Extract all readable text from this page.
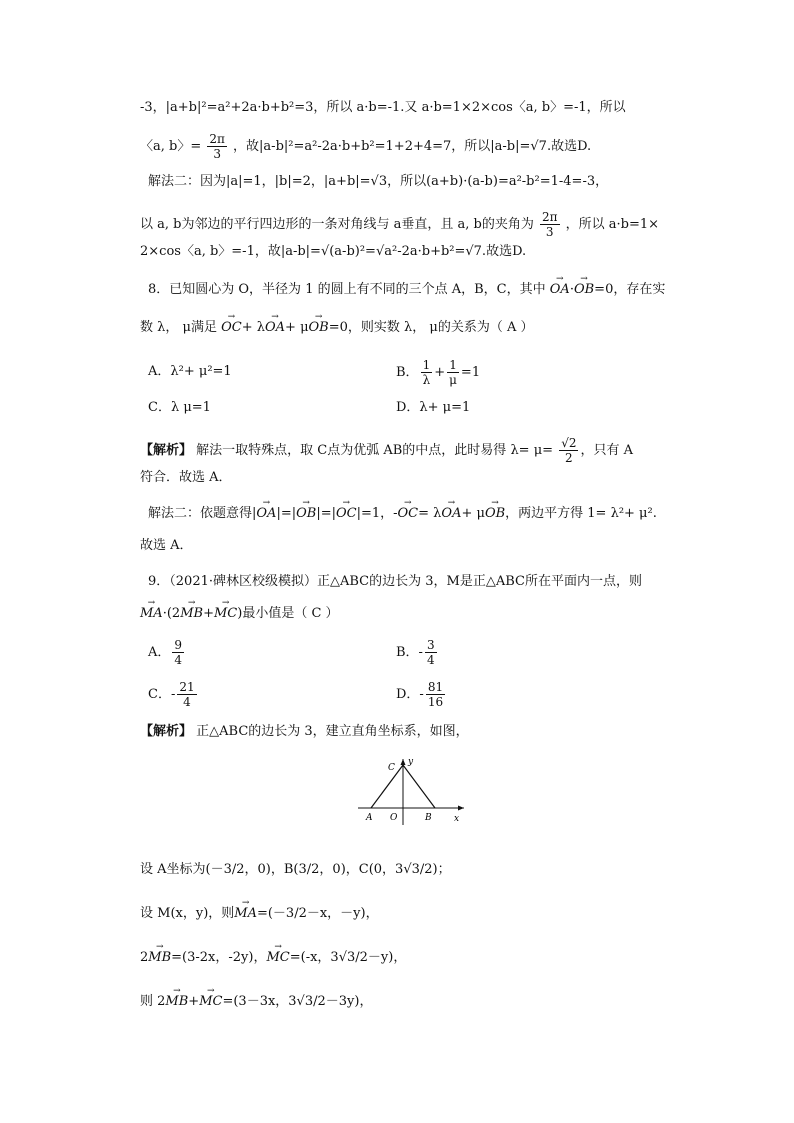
-3，|a+b|²=a²+2a·b+b²=3，所以 a·b=-1.又 a·b=1×2×cos〈a, b〉=-1，所以
〈a, b〉= $\frac{2\pi}{3}$ ，故|a-b|²=a²-2a·b+b²=1+2+4=7，所以|a-b|=√7.故选D.
解法二：因为|a|=1，|b|=2，|a+b|=√3，所以(a+b)·(a-b)=a²-b²=1-4=-3，
以 a, b为邻边的平行四边形的一条对角线与 a垂直，且 a, b的夹角为 $\frac{2\pi}{3}$ ，所以 a·b=1×
2×cos〈a, b〉=-1，故|a-b|=√(a-b)²=√a²-2a·b+b²=√7.故选D.
8．已知圆心为 O，半径为 1 的圆上有不同的三个点 A，B，C，其中 → OA·→ OB=0，存在实
数 λ， μ满足 → OC+ λ→ OA+ μ→ OB=0，则实数 λ， μ的关系为（ A ）
A．λ²+ μ²=1	B． $\frac{1}{\lambda} + \frac{1}{\mu} =1$
C．λ μ=1	D．λ+ μ=1
【解析】 解法一取特殊点，取 C点为优弧 AB的中点，此时易得 $\lambda= \mu= \frac{√2}{2}$ ，只有 A
符合．故选 A．
解法二：依题意得|→ OA|=|→ OB|=|→ OC|=1，-→ OC= λ→ OA+ μ→ OB，两边平方得 1= λ²+ μ².
故选 A．
9．（2021·碑林区校级模拟）正△ABC的边长为 3，M是正△ABC所在平面内一点，则
→ MA·(2→ MB+→ MC)最小值是（ C ）
A． $\frac{9}{4}$	B．- $\frac{3}{4}$
C．- $\frac{21}{4}$	D．- $\frac{81}{16}$
【解析】 正△ABC的边长为 3，建立直角坐标系，如图，
C
y
A O	B x
设 A坐标为(－3/2，0)，B(3/2，0)，C(0，3√3/2)；
设 M(x，y)，则→ MA=(－3/2－x，－y)，
2→ MB=(3-2x，-2y)，→ MC=(-x，3√3/2－y)，
则 2→ MB+→ MC=(3－3x，3√3/2－3y)，
